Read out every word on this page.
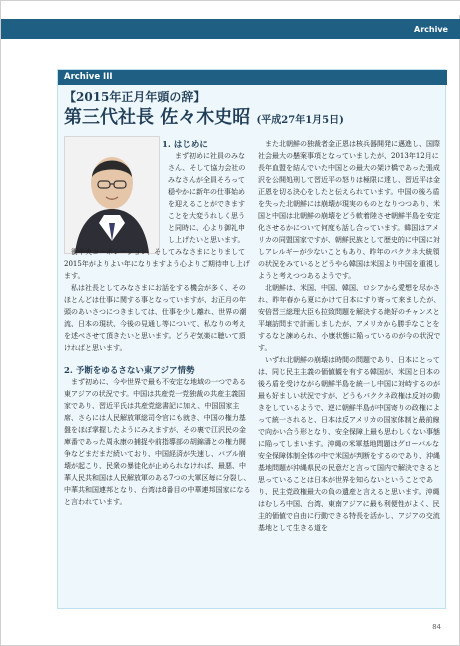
Archive
Archive III
【2015年正月年頭の辞】
第三代社長 佐々木史昭 (平成27年1月5日)

1. はじめに

まず初めに社員のみなさん、そして協力会社のみなさんが全員そろって穏やかに新年の仕事始めを迎えることができますことを大変うれしく思うと同時に、心より御礼申し上げたいと思います。

衝中央コーポレーション、そしてみなさまにとりまして2015年がよりよい年になりますよう心よりご期待申し上げます。

私は社長としてみなさまにお話をする機会が多く、そのほとんどは仕事に関する事となっていますが、お正月の年頭のあいさつにつきましては、仕事を少し離れ、世界の潮流、日本の現状、今後の見通し等について、私なりの考えを述べさせて頂きたいと思います。どうぞ気楽に聴いて頂ければと思います。

2. 予断をゆるさない東アジア情勢

まず初めに、今や世界で最も不安定な地域の一つである東アジアの状況です。中国は共産党一党独裁の共産主義国家であり、習近平氏は共産党総書記に加え、中国国家主席、さらには人民解放軍総司令官にも就き、中国の権力基盤をほぼ掌握したようにみえますが、その裏で江沢民の金庫番であった周永康の捕捉や前指導部の胡錦濤との権力闘争などまだまだ続いており、中国経済が失速し、バブル崩壊が起こり、民衆の暴徒化が止められなければ、最悪、中華人民共和国は人民解放軍のある7つの大軍区毎に分裂し、中華共和国連邦となり、台湾は8番目の中華連邦国家になると言われています。

また北朝鮮の独裁者金正恩は核兵器開発に邁進し、国際社会最大の懸案事項となっていましたが、2013年12月に長年血盟を結んでいた中国との最大の架け橋であった張成沢を公開処刑して習近平の怒りは極限に達し、習近平は金正恩を切る決心をしたと伝えられています。中国の後ろ盾を失った北朝鮮には崩壊が現実のものとなりつつあり、米国と中国は北朝鮮の崩壊をどう軟着陸させ朝鮮半島を安定化させるかについて何度も話し合っています。韓国はアメリカの同盟国家ですが、朝鮮民族として歴史的に中国に対しアレルギーが少ないこともあり、昨年のパククネ大統領の状況をみているとどうやら韓国は米国より中国を重視しようと考えつつあるようです。

北朝鮮は、米国、中国、韓国、ロシアから愛想を尽かされ、昨年春から夏にかけて日本にすり寄って来ましたが、安倍晋三総理大臣も拉致問題を解決する絶好のチャンスと平壌訪問まで計画しましたが、アメリカから勝手なことをするなと諫められ、小康状態に陥っているのが今の状況です。

いずれ北朝鮮の崩壊は時間の問題であり、日本にとっては、同じ民主主義の価値観を有する韓国が、米国と日本の後ろ盾を受けながら朝鮮半島を統一し中国に対峙するのが最も好ましい状況ですが、どうもパククネ政権は反対の動きをしているようで、逆に朝鮮半島が中国寄りの政権によって統一されると、日本は反アメリカの国家体制と最前線で向かい合う形となり、安全保障上最も思わしくない事態に陥ってしまいます。沖縄の米軍基地問題はグローバルな安全保障体制全体の中で米国が判断をするのであり、沖縄基地問題が沖縄県民の民意だと言って国内で解決できると思っていることは日本が世界を知らないということであり、民主党政権最大の負の遺産と言えると思います。沖縄はむしろ中国、台湾、東南アジアに最も利便性がよく、民主的価値で自由に行動できる特長を活かし、アジアの交流基地として生きる道を

84
